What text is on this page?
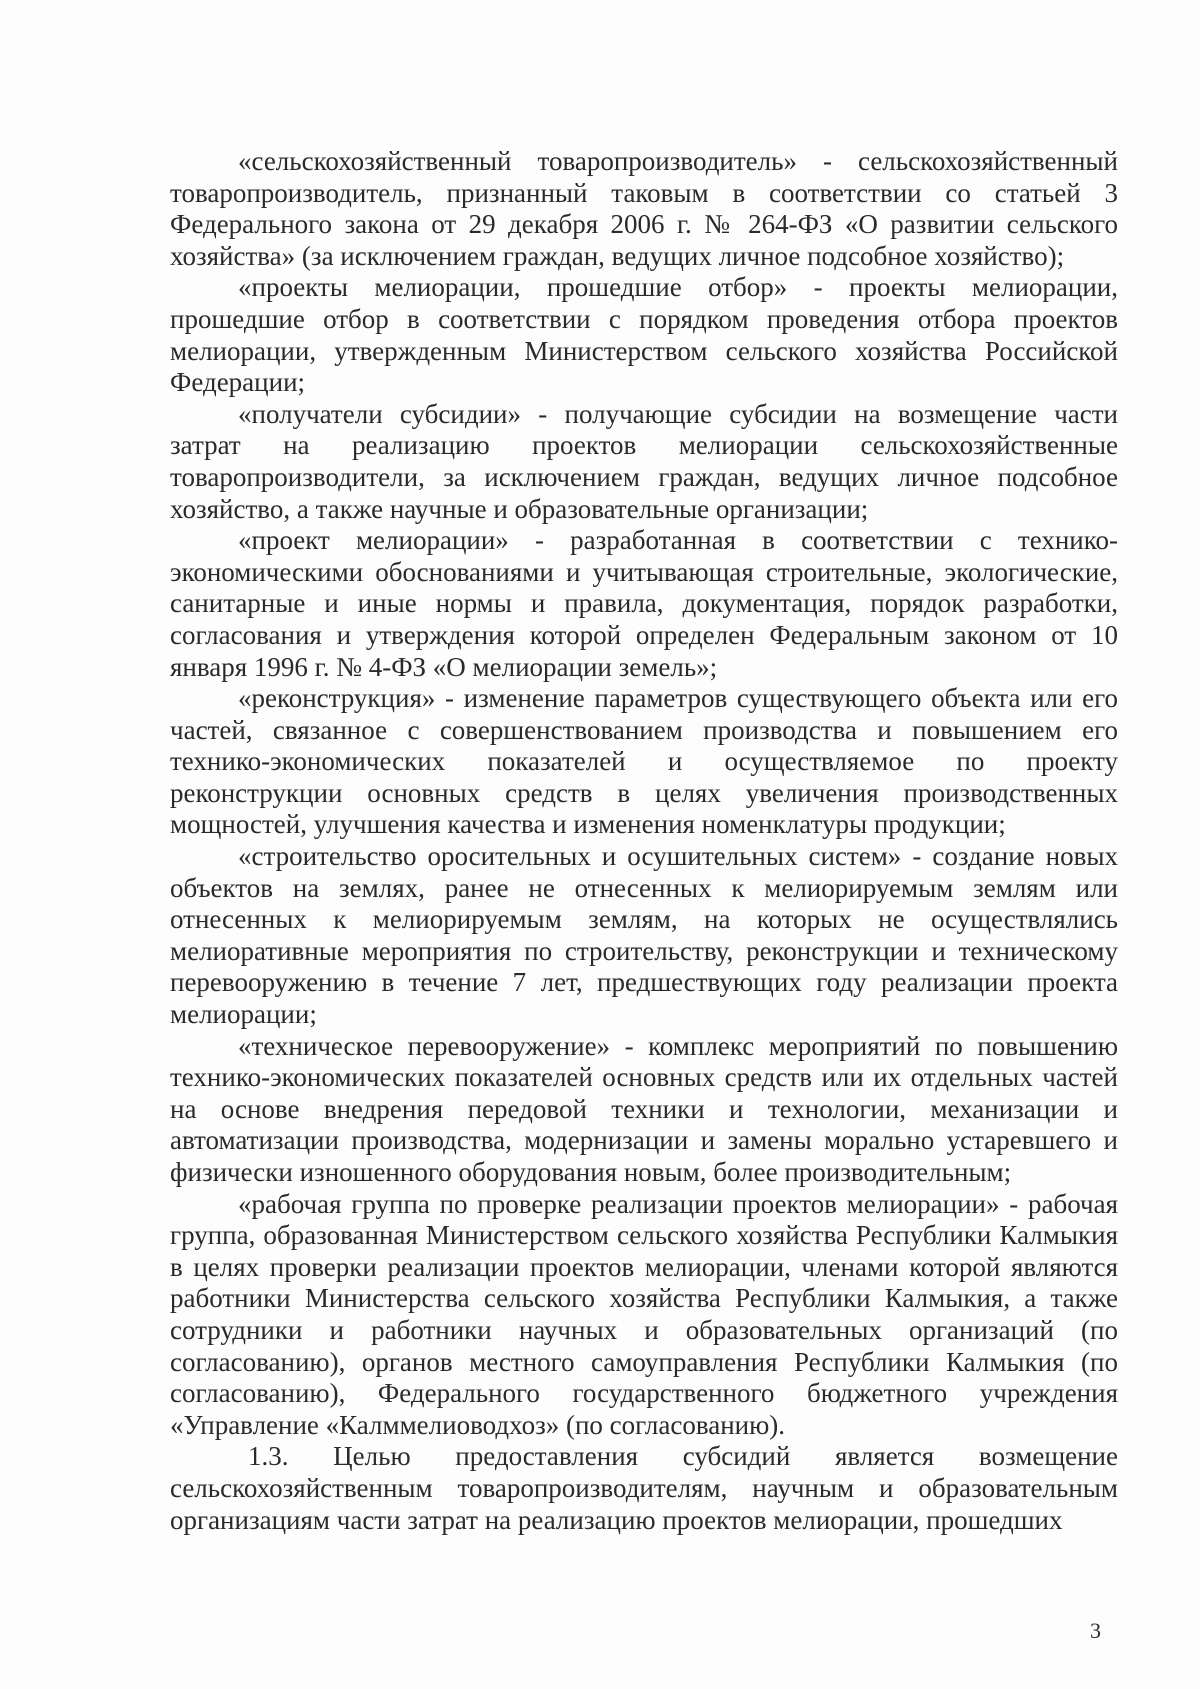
«сельскохозяйственный товаропроизводитель» - сельскохозяйственный товаропроизводитель, признанный таковым в соответствии со статьей 3 Федерального закона от 29 декабря 2006 г. № 264-ФЗ «О развитии сельского хозяйства» (за исключением граждан, ведущих личное подсобное хозяйство);

«проекты мелиорации, прошедшие отбор» - проекты мелиорации, прошедшие отбор в соответствии с порядком проведения отбора проектов мелиорации, утвержденным Министерством сельского хозяйства Российской Федерации;

«получатели субсидии» - получающие субсидии на возмещение части затрат на реализацию проектов мелиорации сельскохозяйственные товаропроизводители, за исключением граждан, ведущих личное подсобное хозяйство, а также научные и образовательные организации;

«проект мелиорации» - разработанная в соответствии с технико-экономическими обоснованиями и учитывающая строительные, экологические, санитарные и иные нормы и правила, документация, порядок разработки, согласования и утверждения которой определен Федеральным законом от 10 января 1996 г. № 4-ФЗ «О мелиорации земель»;

«реконструкция» - изменение параметров существующего объекта или его частей, связанное с совершенствованием производства и повышением его технико-экономических показателей и осуществляемое по проекту реконструкции основных средств в целях увеличения производственных мощностей, улучшения качества и изменения номенклатуры продукции;

«строительство оросительных и осушительных систем» - создание новых объектов на землях, ранее не отнесенных к мелиорируемым землям или отнесенных к мелиорируемым землям, на которых не осуществлялись мелиоративные мероприятия по строительству, реконструкции и техническому перевооружению в течение 7 лет, предшествующих году реализации проекта мелиорации;

«техническое перевооружение» - комплекс мероприятий по повышению технико-экономических показателей основных средств или их отдельных частей на основе внедрения передовой техники и технологии, механизации и автоматизации производства, модернизации и замены морально устаревшего и физически изношенного оборудования новым, более производительным;

«рабочая группа по проверке реализации проектов мелиорации» - рабочая группа, образованная Министерством сельского хозяйства Республики Калмыкия в целях проверки реализации проектов мелиорации, членами которой являются работники Министерства сельского хозяйства Республики Калмыкия, а также сотрудники и работники научных и образовательных организаций (по согласованию), органов местного самоуправления Республики Калмыкия (по согласованию), Федерального государственного бюджетного учреждения «Управление «Калммелиоводхоз» (по согласованию).

1.3. Целью предоставления субсидий является возмещение сельскохозяйственным товаропроизводителям, научным и образовательным организациям части затрат на реализацию проектов мелиорации, прошедших

3
